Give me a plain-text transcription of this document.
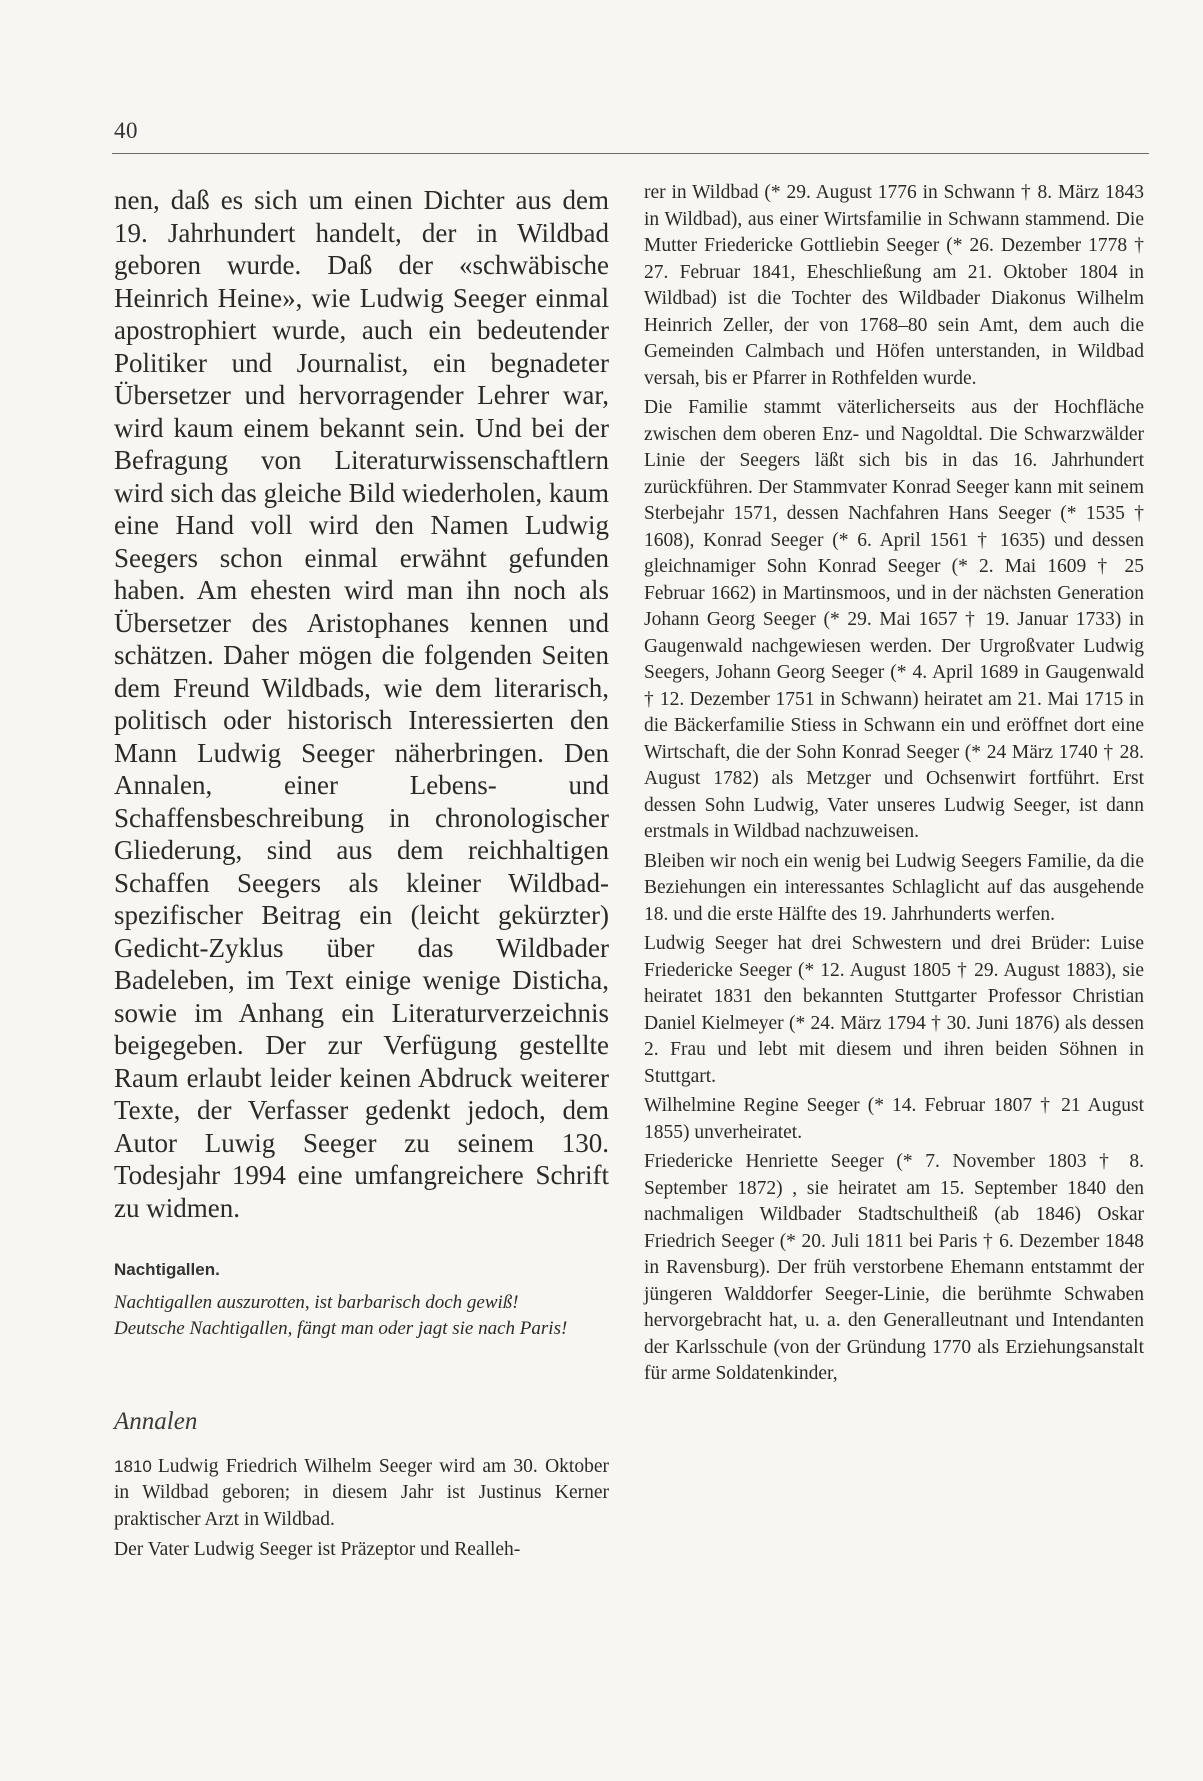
40

nen, daß es sich um einen Dichter aus dem 19. Jahrhundert handelt, der in Wildbad geboren wurde. Daß der «schwäbische Heinrich Heine», wie Ludwig Seeger einmal apostrophiert wurde, auch ein bedeutender Politiker und Journalist, ein begnadeter Übersetzer und hervorragender Lehrer war, wird kaum einem bekannt sein. Und bei der Befragung von Literaturwissenschaftlern wird sich das gleiche Bild wiederholen, kaum eine Hand voll wird den Namen Ludwig Seegers schon einmal erwähnt gefunden haben. Am ehesten wird man ihn noch als Übersetzer des Aristophanes kennen und schätzen. Daher mögen die folgenden Seiten dem Freund Wildbads, wie dem literarisch, politisch oder historisch Interessierten den Mann Ludwig Seeger näherbringen. Den Annalen, einer Lebens- und Schaffensbeschreibung in chronologischer Gliederung, sind aus dem reichhaltigen Schaffen Seegers als kleiner Wildbad-spezifischer Beitrag ein (leicht gekürzter) Gedicht-Zyklus über das Wildbader Badeleben, im Text einige wenige Disticha, sowie im Anhang ein Literaturverzeichnis beigegeben. Der zur Verfügung gestellte Raum erlaubt leider keinen Abdruck weiterer Texte, der Verfasser gedenkt jedoch, dem Autor Luwig Seeger zu seinem 130. Todesjahr 1994 eine umfangreichere Schrift zu widmen.

Nachtigallen.

Nachtigallen auszurotten, ist barbarisch doch gewiß!

Deutsche Nachtigallen, fängt man oder jagt sie nach Paris!

Annalen

1810 Ludwig Friedrich Wilhelm Seeger wird am 30. Oktober in Wildbad geboren; in diesem Jahr ist Justinus Kerner praktischer Arzt in Wildbad.

Der Vater Ludwig Seeger ist Präzeptor und Realleh-

rer in Wildbad (* 29. August 1776 in Schwann † 8. März 1843 in Wildbad), aus einer Wirtsfamilie in Schwann stammend. Die Mutter Friedericke Gottliebin Seeger (* 26. Dezember 1778 † 27. Februar 1841, Eheschließung am 21. Oktober 1804 in Wildbad) ist die Tochter des Wildbader Diakonus Wilhelm Heinrich Zeller, der von 1768–80 sein Amt, dem auch die Gemeinden Calmbach und Höfen unterstanden, in Wildbad versah, bis er Pfarrer in Rothfelden wurde.

Die Familie stammt väterlicherseits aus der Hochfläche zwischen dem oberen Enz- und Nagoldtal. Die Schwarzwälder Linie der Seegers läßt sich bis in das 16. Jahrhundert zurückführen. Der Stammvater Konrad Seeger kann mit seinem Sterbejahr 1571, dessen Nachfahren Hans Seeger (* 1535 † 1608), Konrad Seeger (* 6. April 1561 † 1635) und dessen gleichnamiger Sohn Konrad Seeger (* 2. Mai 1609 † 25 Februar 1662) in Martinsmoos, und in der nächsten Generation Johann Georg Seeger (* 29. Mai 1657 † 19. Januar 1733) in Gaugenwald nachgewiesen werden. Der Urgroßvater Ludwig Seegers, Johann Georg Seeger (* 4. April 1689 in Gaugenwald † 12. Dezember 1751 in Schwann) heiratet am 21. Mai 1715 in die Bäckerfamilie Stiess in Schwann ein und eröffnet dort eine Wirtschaft, die der Sohn Konrad Seeger (* 24 März 1740 † 28. August 1782) als Metzger und Ochsenwirt fortführt. Erst dessen Sohn Ludwig, Vater unseres Ludwig Seeger, ist dann erstmals in Wildbad nachzuweisen.

Bleiben wir noch ein wenig bei Ludwig Seegers Familie, da die Beziehungen ein interessantes Schlaglicht auf das ausgehende 18. und die erste Hälfte des 19. Jahrhunderts werfen.

Ludwig Seeger hat drei Schwestern und drei Brüder: Luise Friedericke Seeger (* 12. August 1805 † 29. August 1883), sie heiratet 1831 den bekannten Stuttgarter Professor Christian Daniel Kielmeyer (* 24. März 1794 † 30. Juni 1876) als dessen 2. Frau und lebt mit diesem und ihren beiden Söhnen in Stuttgart.

Wilhelmine Regine Seeger (* 14. Februar 1807 † 21 August 1855) unverheiratet.

Friedericke Henriette Seeger (* 7. November 1803 † 8. September 1872) , sie heiratet am 15. September 1840 den nachmaligen Wildbader Stadtschultheiß (ab 1846) Oskar Friedrich Seeger (* 20. Juli 1811 bei Paris † 6. Dezember 1848 in Ravensburg). Der früh verstorbene Ehemann entstammt der jüngeren Walddorfer Seeger-Linie, die berühmte Schwaben hervorgebracht hat, u. a. den Generalleutnant und Intendanten der Karlsschule (von der Gründung 1770 als Erziehungsanstalt für arme Soldatenkinder,
